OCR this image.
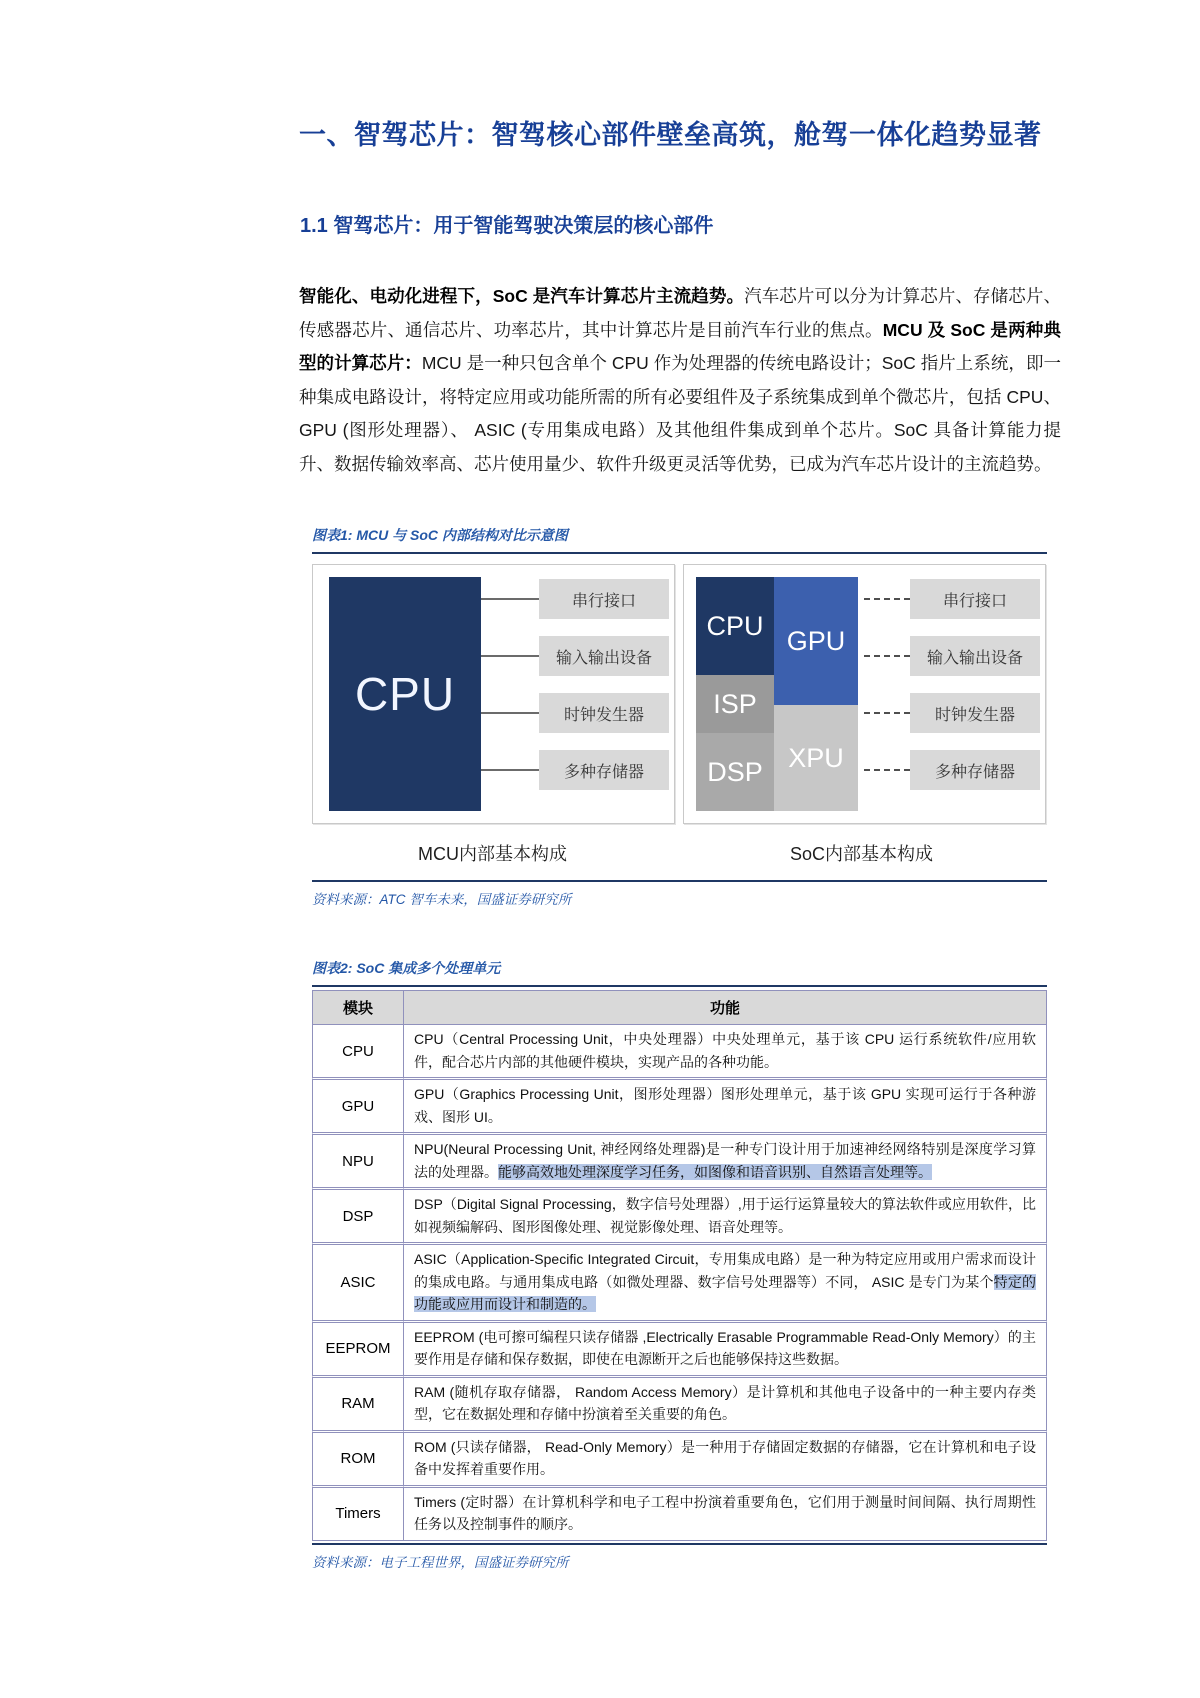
一、智驾芯片：智驾核心部件壁垒高筑，舱驾一体化趋势显著
1.1 智驾芯片：用于智能驾驶决策层的核心部件
智能化、电动化进程下，SoC 是汽车计算芯片主流趋势。汽车芯片可以分为计算芯片、存储芯片、传感器芯片、通信芯片、功率芯片，其中计算芯片是目前汽车行业的焦点。MCU 及 SoC 是两种典型的计算芯片：MCU 是一种只包含单个 CPU 作为处理器的传统电路设计；SoC 指片上系统，即一种集成电路设计，将特定应用或功能所需的所有必要组件及子系统集成到单个微芯片，包括 CPU、GPU (图形处理器）、 ASIC (专用集成电路）及其他组件集成到单个芯片。SoC 具备计算能力提升、数据传输效率高、芯片使用量少、软件升级更灵活等优势，已成为汽车芯片设计的主流趋势。
图表1: MCU 与 SoC 内部结构对比示意图
CPU
串行接口
输入输出设备
时钟发生器
多种存储器
CPU GPU
ISP
DSP XPU
串行接口
输入输出设备
时钟发生器
多种存储器
MCU内部基本构成	SoC内部基本构成
资料来源：ATC 智车未来，国盛证券研究所
图表2: SoC 集成多个处理单元
模块	功能
CPU	CPU（Central Processing Unit，中央处理器）中央处理单元，基于该 CPU 运行系统软件/应用软件，配合芯片内部的其他硬件模块，实现产品的各种功能。
GPU	GPU（Graphics Processing Unit，图形处理器）图形处理单元，基于该 GPU 实现可运行于各种游戏、图形 UI。
NPU	NPU(Neural Processing Unit, 神经网络处理器)是一种专门设计用于加速神经网络特别是深度学习算法的处理器。能够高效地处理深度学习任务，如图像和语音识别、自然语言处理等。
DSP	DSP（Digital Signal Processing，数字信号处理器）,用于运行运算量较大的算法软件或应用软件，比如视频编解码、图形图像处理、视觉影像处理、语音处理等。
ASIC	ASIC（Application-Specific Integrated Circuit，专用集成电路）是一种为特定应用或用户需求而设计的集成电路。与通用集成电路（如微处理器、数字信号处理器等）不同， ASIC 是专门为某个特定的功能或应用而设计和制造的。
EEPROM	EEPROM (电可擦可编程只读存储器 ,Electrically Erasable Programmable Read-Only Memory）的主要作用是存储和保存数据，即使在电源断开之后也能够保持这些数据。
RAM	RAM (随机存取存储器， Random Access Memory）是计算机和其他电子设备中的一种主要内存类型，它在数据处理和存储中扮演着至关重要的角色。
ROM	ROM (只读存储器， Read-Only Memory）是一种用于存储固定数据的存储器，它在计算机和电子设备中发挥着重要作用。
Timers	Timers (定时器）在计算机科学和电子工程中扮演着重要角色，它们用于测量时间间隔、执行周期性任务以及控制事件的顺序。
资料来源：电子工程世界，国盛证券研究所
